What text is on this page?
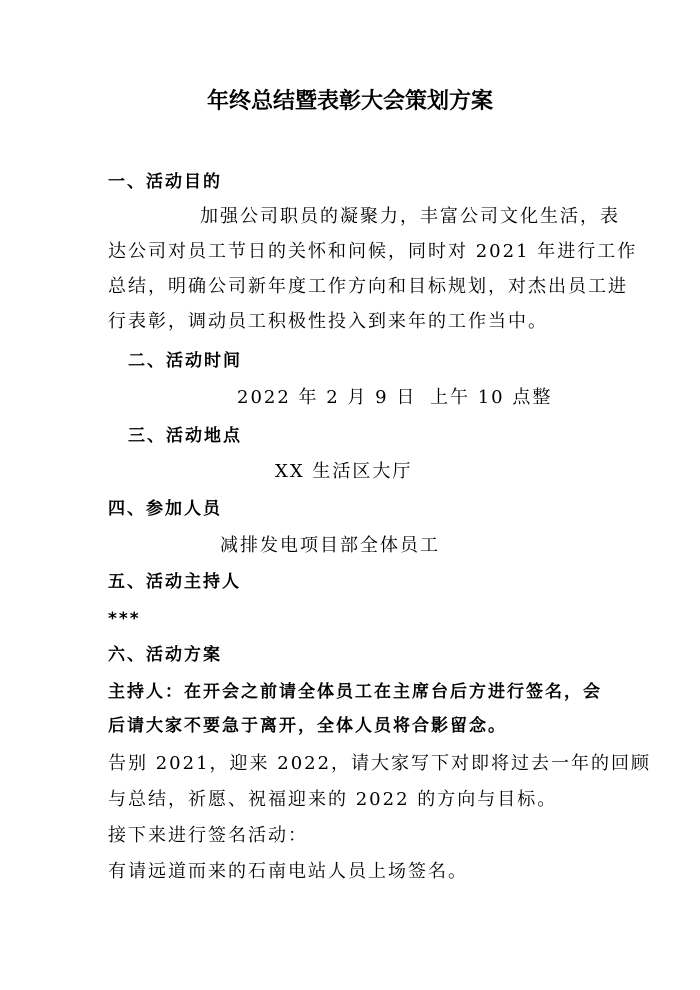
年终总结暨表彰大会策划方案
一、活动目的
加强公司职员的凝聚力，丰富公司文化生活，表
达公司对员工节日的关怀和问候，同时对 2021 年进行工作
总结，明确公司新年度工作方向和目标规划，对杰出员工进
行表彰，调动员工积极性投入到来年的工作当中。
二、活动时间
2022 年 2 月 9 日 上午 10 点整
三、活动地点
XX 生活区大厅
四、参加人员
减排发电项目部全体员工
五、活动主持人
***
六、活动方案
主持人：在开会之前请全体员工在主席台后方进行签名，会
后请大家不要急于离开，全体人员将合影留念。
告别 2021，迎来 2022，请大家写下对即将过去一年的回顾
与总结，祈愿、祝福迎来的 2022 的方向与目标。
接下来进行签名活动：
有请远道而来的石南电站人员上场签名。
